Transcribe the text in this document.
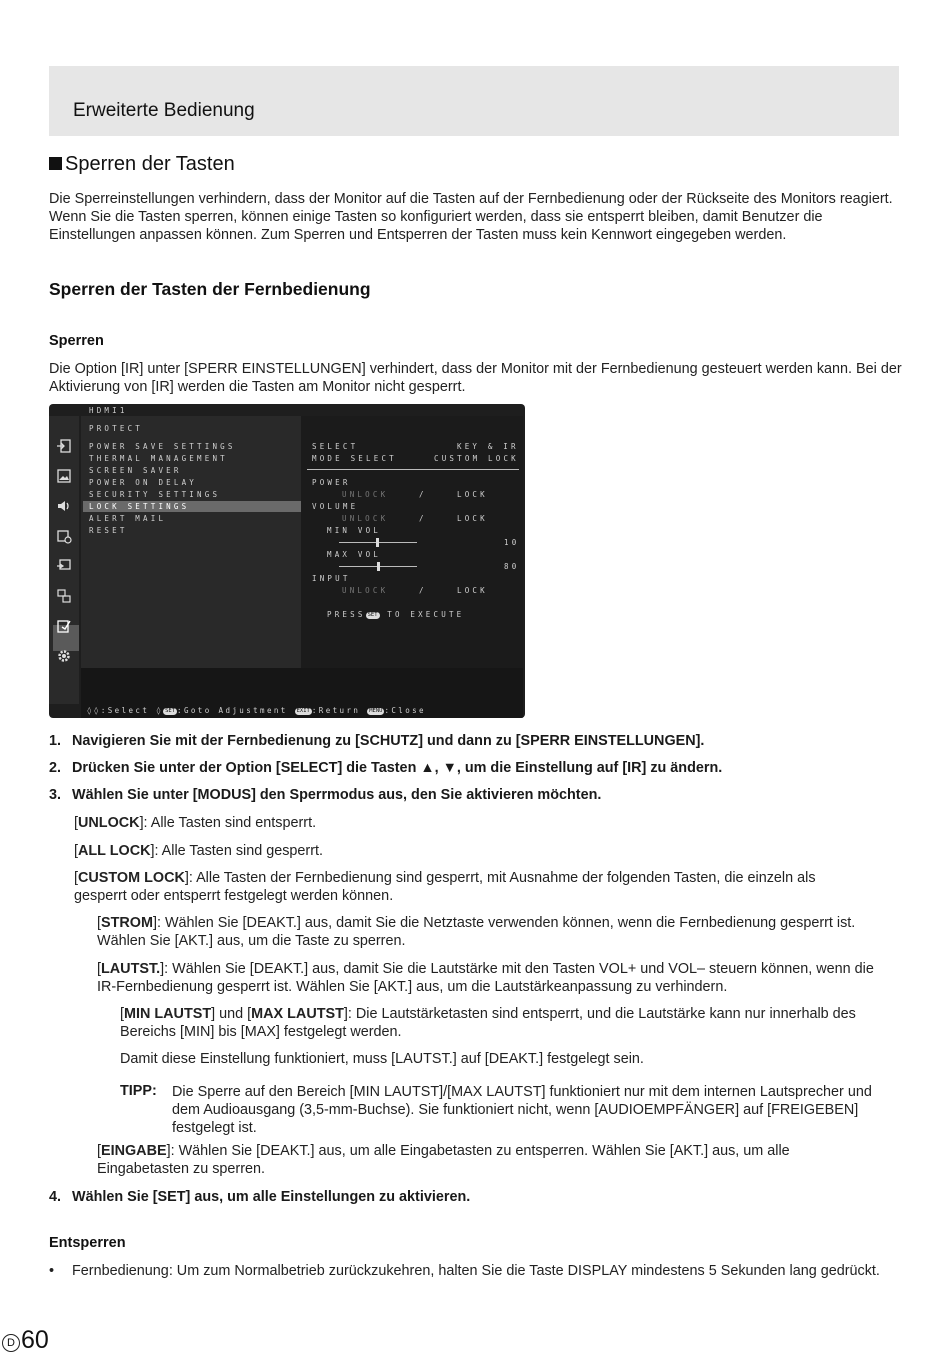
Erweiterte Bedienung
Sperren der Tasten
Die Sperreinstellungen verhindern, dass der Monitor auf die Tasten auf der Fernbedienung oder der Rückseite des Monitors reagiert. Wenn Sie die Tasten sperren, können einige Tasten so konfiguriert werden, dass sie entsperrt bleiben, damit Benutzer die Einstellungen anpassen können. Zum Sperren und Entsperren der Tasten muss kein Kennwort eingegeben werden.
Sperren der Tasten der Fernbedienung
Sperren
Die Option [IR] unter [SPERR EINSTELLUNGEN] verhindert, dass der Monitor mit der Fernbedienung gesteuert werden kann. Bei der Aktivierung von [IR] werden die Tasten am Monitor nicht gesperrt.
HDMI1
PROTECT
POWER SAVE SETTINGS
THERMAL MANAGEMENT
SCREEN SAVER
POWER ON DELAY
SECURITY SETTINGS
LOCK SETTINGS
ALERT MAIL
RESET
SELECT	KEY & IR
MODE SELECT	CUSTOM LOCK
POWER
UNLOCK	/	LOCK
VOLUME
UNLOCK	/	LOCK
MIN VOL
10
MAX VOL
80
INPUT
UNLOCK	/	LOCK
PRESS SET TO EXECUTE
◊◊:Select ◊ SET :Goto Adjustment EXIT :Return MENU :Close
1. Navigieren Sie mit der Fernbedienung zu [SCHUTZ] und dann zu [SPERR EINSTELLUNGEN].
2. Drücken Sie unter der Option [SELECT] die Tasten ▲, ▼, um die Einstellung auf [IR] zu ändern.
3. Wählen Sie unter [MODUS] den Sperrmodus aus, den Sie aktivieren möchten.
[UNLOCK]: Alle Tasten sind entsperrt.
[ALL LOCK]: Alle Tasten sind gesperrt.
[CUSTOM LOCK]: Alle Tasten der Fernbedienung sind gesperrt, mit Ausnahme der folgenden Tasten, die einzeln als gesperrt oder entsperrt festgelegt werden können.
[STROM]: Wählen Sie [DEAKT.] aus, damit Sie die Netztaste verwenden können, wenn die Fernbedienung gesperrt ist. Wählen Sie [AKT.] aus, um die Taste zu sperren.
[LAUTST.]: Wählen Sie [DEAKT.] aus, damit Sie die Lautstärke mit den Tasten VOL+ und VOL– steuern können, wenn die IR-Fernbedienung gesperrt ist. Wählen Sie [AKT.] aus, um die Lautstärkeanpassung zu verhindern.
[MIN LAUTST] und [MAX LAUTST]: Die Lautstärketasten sind entsperrt, und die Lautstärke kann nur innerhalb des Bereichs [MIN] bis [MAX] festgelegt werden.
Damit diese Einstellung funktioniert, muss [LAUTST.] auf [DEAKT.] festgelegt sein.
TIPP: Die Sperre auf den Bereich [MIN LAUTST]/[MAX LAUTST] funktioniert nur mit dem internen Lautsprecher und dem Audioausgang (3,5-mm-Buchse). Sie funktioniert nicht, wenn [AUDIOEMPFÄNGER] auf [FREIGEBEN] festgelegt ist.
[EINGABE]: Wählen Sie [DEAKT.] aus, um alle Eingabetasten zu entsperren. Wählen Sie [AKT.] aus, um alle Eingabetasten zu sperren.
4. Wählen Sie [SET] aus, um alle Einstellungen zu aktivieren.
Entsperren
• Fernbedienung: Um zum Normalbetrieb zurückzukehren, halten Sie die Taste DISPLAY mindestens 5 Sekunden lang gedrückt.
D 60
